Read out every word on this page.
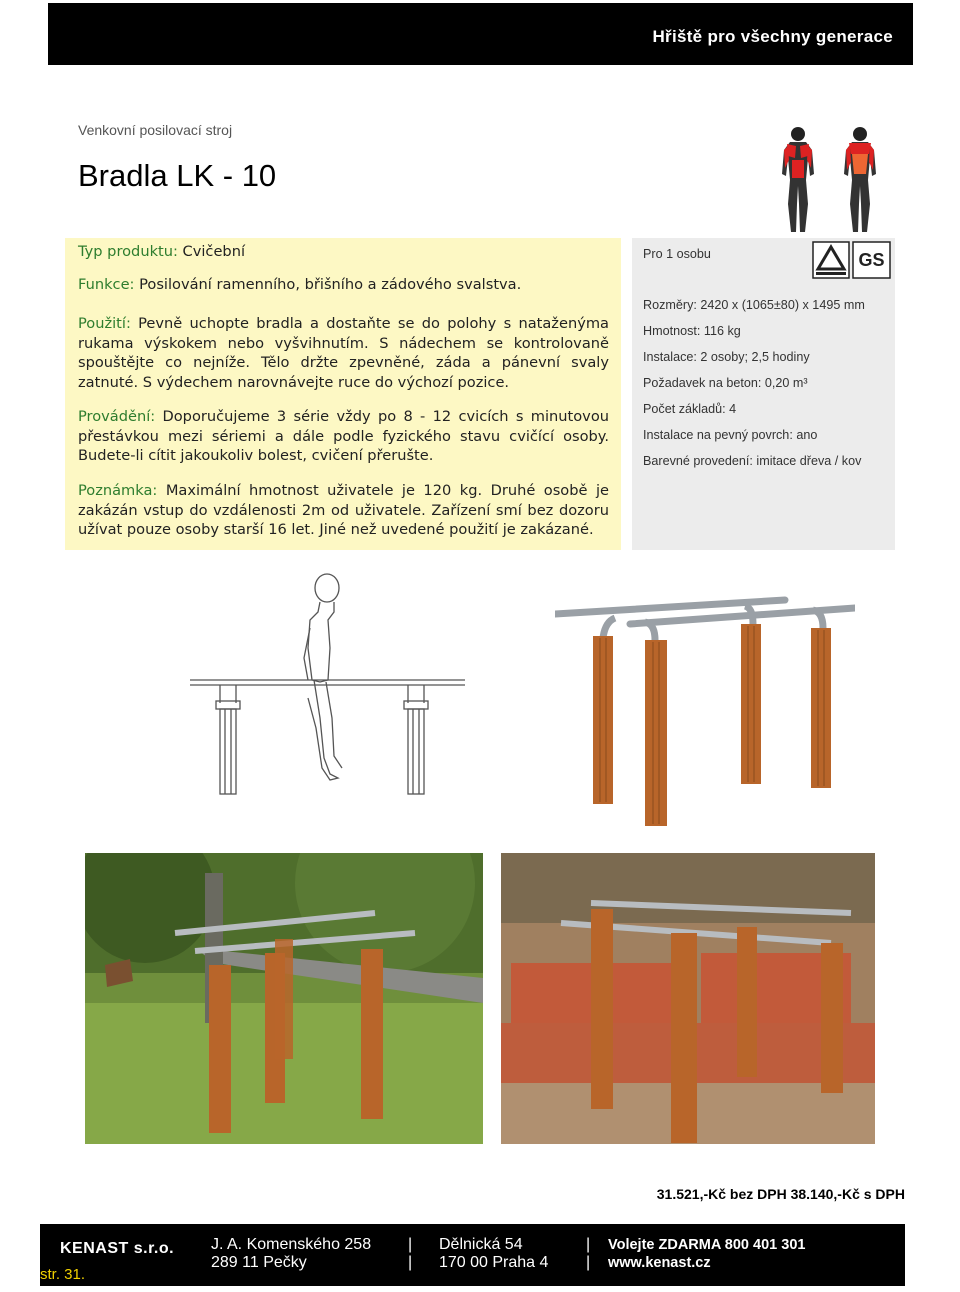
Hřiště pro všechny generace
Venkovní posilovací stroj
Bradla LK - 10

Typ produktu: Cvičební

Funkce: Posilování ramenního, břišního a zádového svalstva.

Použití: Pevně uchopte bradla a dostaňte se do polohy s nataženýma rukama výskokem nebo vyšvihnutím. S nádechem se kontrolovaně spouštějte co nejníže. Tělo držte zpevněné, záda a pánevní svaly zatnuté. S výdechem narovnávejte ruce do výchozí pozice.

Provádění: Doporučujeme 3 série vždy po 8 - 12 cvicích s minutovou přestávkou mezi sériemi a dále podle fyzického stavu cvičící osoby. Budete-li cítit jakoukoliv bolest, cvičení přerušte.

Poznámka: Maximální hmotnost uživatele je 120 kg. Druhé osobě je zakázán vstup do vzdálenosti 2m od uživatele. Zařízení smí bez dozoru užívat pouze osoby starší 16 let. Jiné než uvedené použití je zakázané.

Pro 1 osobu	GS
Rozměry: 2420 x (1065±80) x 1495 mm
Hmotnost: 116 kg
Instalace: 2 osoby; 2,5 hodiny
Požadavek na beton: 0,20 m³
Počet základů: 4
Instalace na pevný povrch: ano
Barevné provedení: imitace dřeva / kov
31.521,-Kč bez DPH 38.140,-Kč s DPH
KENAST s.r.o.
str. 31.
J. A. Komenského 258
289 11 Pečky
|
|
Dělnická 54
170 00 Praha 4
|
|
Volejte ZDARMA 800 401 301
www.kenast.cz
